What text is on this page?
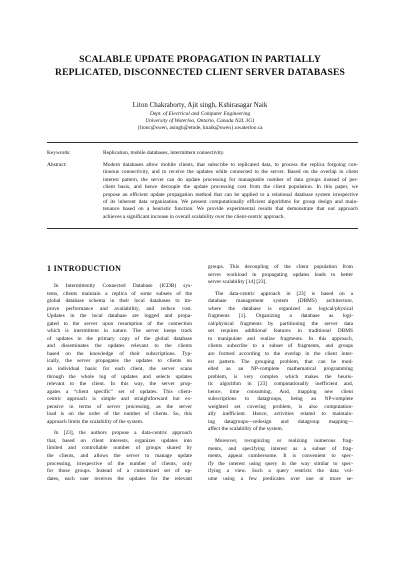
SCALABLE UPDATE PROPAGATION IN PARTIALLY
REPLICATED, DISCONNECTED CLIENT SERVER DATABASES
Liton Chakraborty, Ajit singh, Kshirasagar Naik
Dept. of Electrical and Computer Engineering
University of Waterloo, Ontario, Canada N2L 3G1
{ltonc@swen, asingh@etude, knaik@swen}.uwaterloo.ca
Keywords:	Replication, mobile databases, intermittent connectivity.
Abstract:	Modern databases allow mobile clients, that subscribe to replicated data, to process the replica forgoing con-
tinuous connectivity, and to receive the updates while connected to the server. Based on the overlap in client
interest pattern, the server can do update processing for manageable number of data groups instead of per-
client basis, and hence decouple the update processing cost from the client population. In this paper, we
propose an efficient update propagation method that can be applied to a relational database system irrespective
of its inherent data organization. We present computationally efficient algorithms for group design and main-
tenance based on a heuristic function. We provide experimental results that demonstrate that our approach
achieves a significant increase in overall scalability over the client-centric approach.
1 INTRODUCTION
In Intermittently Connected Database (ICDB) sys-
tems, clients maintain a replica of some subsets of the
global database schema in their local databases to im-
prove performance and availability, and reduce cost.
Updates in the local database are logged and propa-
gated to the server upon resumption of the connection
which is intermittent in nature. The server keeps track
of updates in the primary copy of the global database
and disseminates the updates relevant to the clients
based on the knowledge of their subscriptions. Typ-
ically, the server propagates the updates to clients on
an individual basis: for each client, the server scans
through the whole log of updates and selects updates
relevant to the client. In this way, the server prop-
agates a “client specific” set of updates. This client-
centric approach is simple and straightforward but ex-
pensive in terms of server processing, as the server
load is on the order of the number of clients. So, this
approach limits the scalability of the system.
In [23], the authors propose a data-centric approach
that, based on client interests, organizes updates into
limited and controllable number of groups shared by
the clients, and allows the server to manage update
processing, irrespective of the number of clients, only
for those groups. Instead of a customized set of up-
dates, each user receives the updates for the relevant
groups. This decoupling of the client population from
server workload in propagating updates leads to better
server scalability [14] [23].
The data-centric approach in [23] is based on a
database management system (DBMS) architecture,
where the database is organized as logical/physical
fragments [1]. Organizing a database as logi-
cal/physical fragments by partitioning the server data
set requires additional features in traditional DBMS
to manipulate and realize fragments. In this approach,
clients subscribe to a subset of fragments, and groups
are formed according to the overlap in the client inter-
est pattern. The grouping problem, that can be mod-
elled as an NP-complete mathematical programming
problem, is very complex which makes the heuris-
tic algorithm in [23] computationally inefficient and,
hence, time consuming. And, mapping new client
subscriptions to datagroups, being an NP-complete
weighted set covering problem, is also computation-
ally inefficient. Hence, activities related to maintain-
ing datagroups—redesign and datagroup mapping—
affect the scalability of the system.
Moreover, recognizing or realizing numerous frag-
ments, and specifying interest as a subset of frag-
ments, appear cumbersome. It is convenient to spec-
ify the interest using query in the way similar to spec-
ifying a view. Such a query restricts the data vol-
ume using a few predicates over one or more se-
